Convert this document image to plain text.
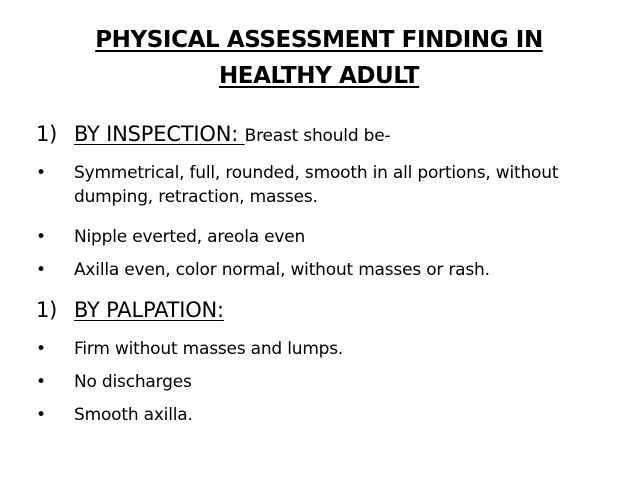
PHYSICAL ASSESSMENT FINDING IN
HEALTHY ADULT
1) BY INSPECTION: Breast should be-
•	Symmetrical, full, rounded, smooth in all portions, without dumping, retraction, masses.
•	Nipple everted, areola even
•	Axilla even, color normal, without masses or rash.
1) BY PALPATION:
•	Firm without masses and lumps.
•	No discharges
•	Smooth axilla.
